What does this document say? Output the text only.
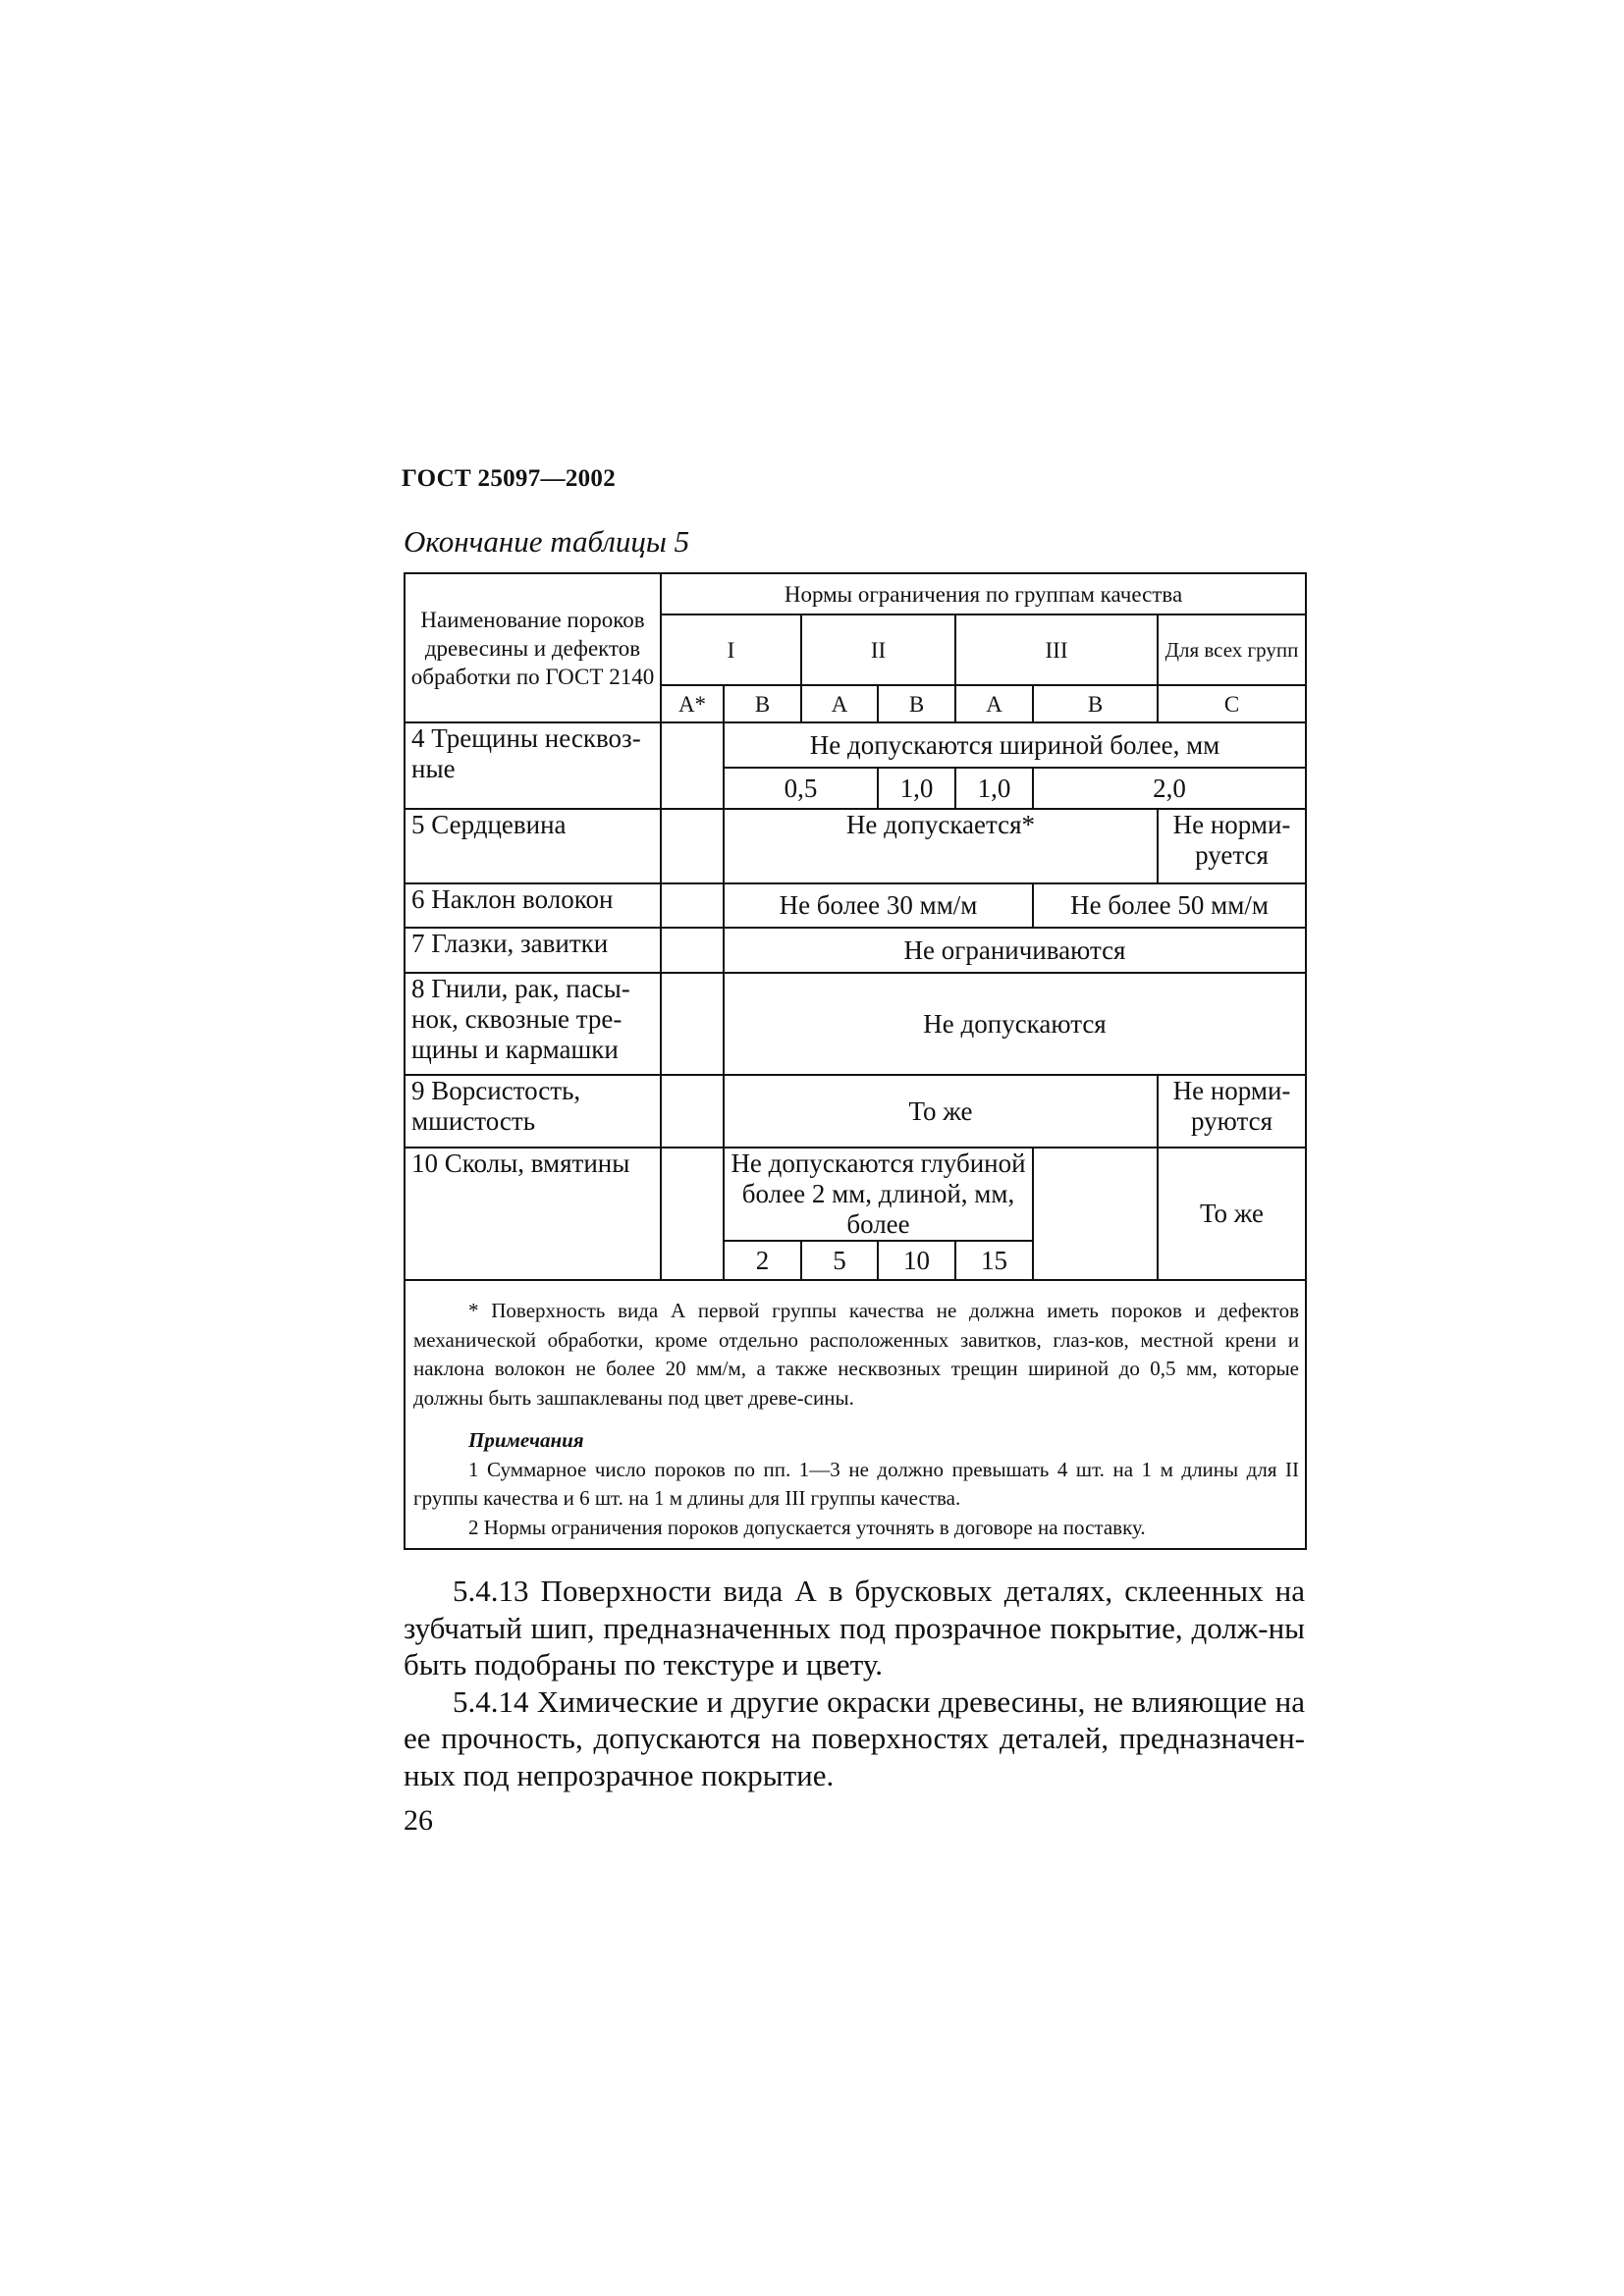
ГОСТ 25097—2002
Окончание таблицы 5
Наименование пороков древесины и дефектов обработки по ГОСТ 2140	Нормы ограничения по группам качества							
	I		II		III		Для всех групп	
	А*	В	А	В	А	В	С	
4 Трещины несквоз-ные		Не допускаются шириной более, мм						
		0,5		1,0	1,0	2,0	
5 Сердцевина		Не допускается*					Не норми-руется	
6 Наклон волокон		Не более 30 мм/м				Не более 50 мм/м		
7 Глазки, завитки		Не ограничиваются						
8 Гнили, рак, пасы-нок, сквозные тре-щины и кармашки		Не допускаются						
9 Ворсистость, мшистость		То же					Не норми-руются	
10 Сколы, вмятины		Не допускаются глубиной более 2 мм, длиной, мм, более					То же	
		2	5	10	15			

* Поверхность вида А первой группы качества не должна иметь пороков и дефектов механической обработки, кроме отдельно расположенных завитков, глаз-ков, местной крени и наклона волокон не более 20 мм/м, а также несквозных трещин шириной до 0,5 мм, которые должны быть зашпаклеваны под цвет древе-сины.

Примечания

1 Суммарное число пороков по пп. 1—3 не должно превышать 4 шт. на 1 м длины для II группы качества и 6 шт. на 1 м длины для III группы качества.

2 Нормы ограничения пороков допускается уточнять в договоре на поставку.								

5.4.13 Поверхности вида А в брусковых деталях, склеенных на зубчатый шип, предназначенных под прозрачное покрытие, долж-ны быть подобраны по текстуре и цвету.

5.4.14 Химические и другие окраски древесины, не влияющие на ее прочность, допускаются на поверхностях деталей, предназначен-ных под непрозрачное покрытие.

26
